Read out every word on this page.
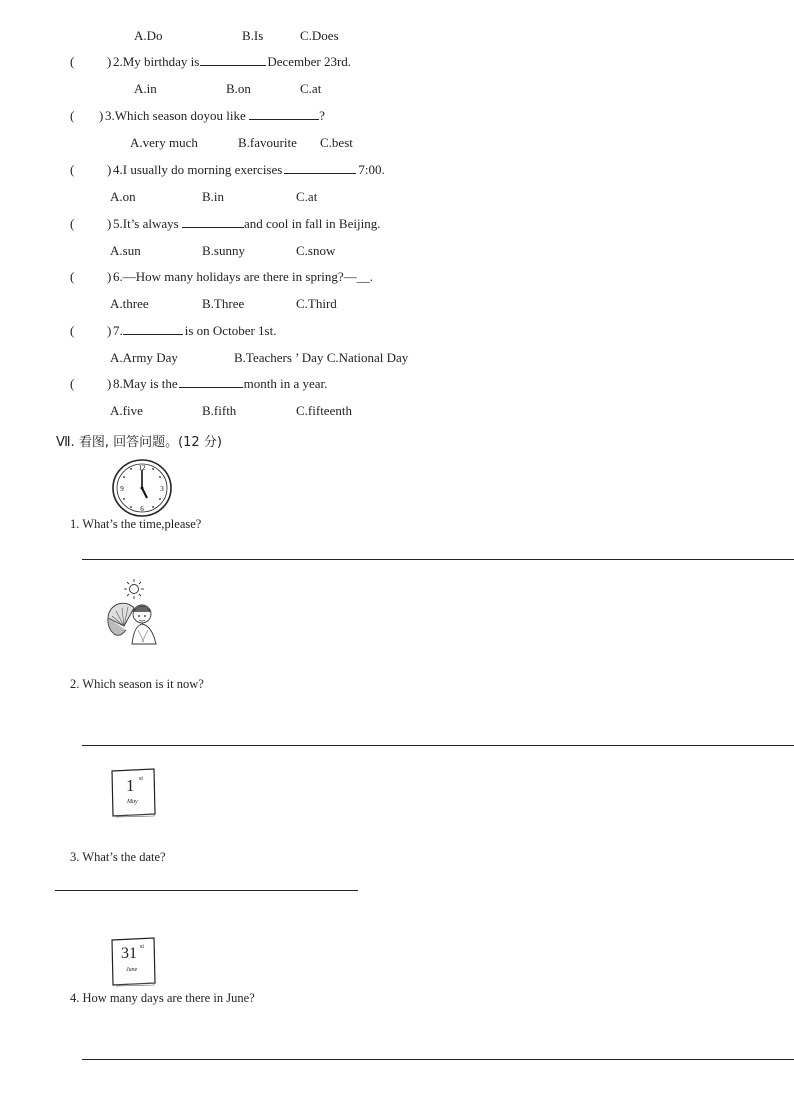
A.Do	B.Is	C.Does
(	) 2.My birthday is	December 23rd.
A.in	B.on	C.at
( ) 3.Which season doyou like	?
A.very much	B.favourite C.best
(	) 4.I usually do morning exercises	7:00.
A.on	B.in	C.at
(	) 5.It’s always	and cool in fall in Beijing.
A.sun	B.sunny	C.snow
(	) 6.—How many holidays are there in spring?—__.
A.three	B.Three	C.Third
(	) 7.	is on October 1st.
A.Army Day	B.Teachers ’ Day C.National Day
(	) 8.May is the	month in a year.
A.five	B.fifth	C.fifteenth
Ⅶ. 看图, 回答问题。(12 分)
12
3
6
9
1. What’s the time,please?
2. Which season is it now?
1 st
May
3. What’s the date?
31 st
June
4. How many days are there in June?
